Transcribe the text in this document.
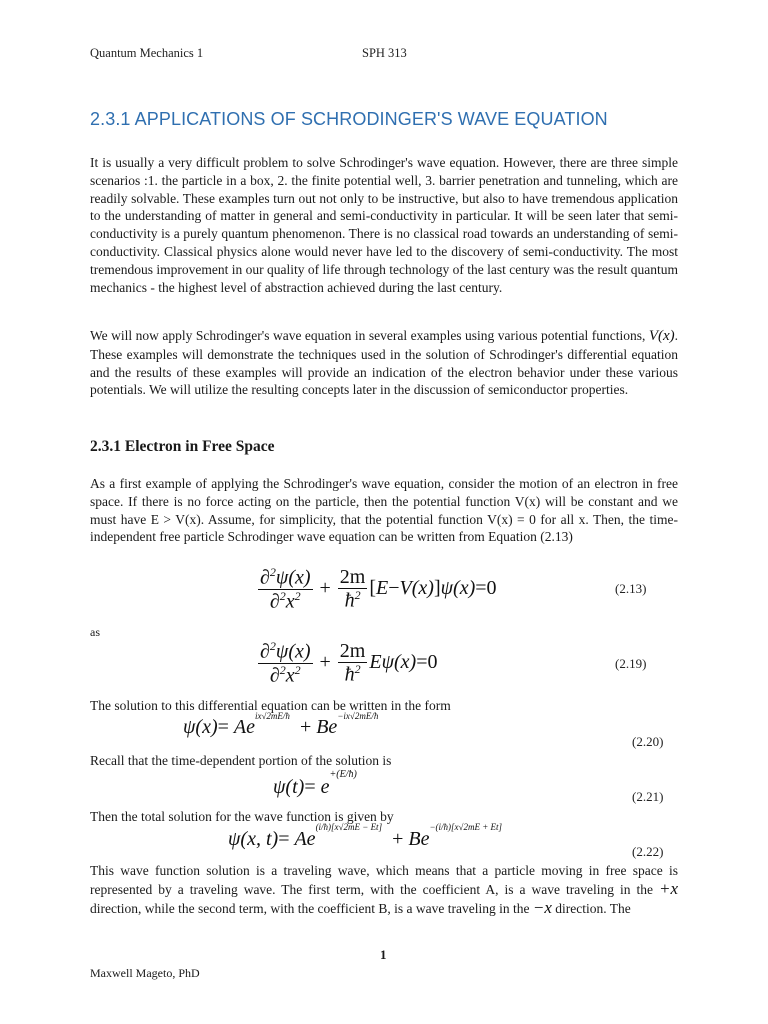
Quantum Mechanics 1	SPH 313
2.3.1 APPLICATIONS OF SCHRODINGER'S WAVE EQUATION
It is usually a very difficult problem to solve Schrodinger's wave equation. However, there are three simple scenarios :1. the particle in a box, 2. the finite potential well, 3. barrier penetration and tunneling, which are readily solvable. These examples turn out not only to be instructive, but also to have tremendous application to the understanding of matter in general and semi-conductivity in particular. It will be seen later that semi-conductivity is a purely quantum phenomenon. There is no classical road towards an understanding of semi-conductivity. Classical physics alone would never have led to the discovery of semi-conductivity. The most tremendous improvement in our quality of life through technology of the last century was the result quantum mechanics - the highest level of abstraction achieved during the last century.
We will now apply Schrodinger's wave equation in several examples using various potential functions, V(x). These examples will demonstrate the techniques used in the solution of Schrodinger's differential equation and the results of these examples will provide an indication of the electron behavior under these various potentials. We will utilize the resulting concepts later in the discussion of semiconductor properties.
2.3.1 Electron in Free Space
As a first example of applying the Schrodinger's wave equation, consider the motion of an electron in free space. If there is no force acting on the particle, then the potential function V(x) will be constant and we must have E > V(x). Assume, for simplicity, that the potential function V(x) = 0 for all x. Then, the time-independent free particle Schrodinger wave equation can be written from Equation (2.13)
$\frac{\partial^2\psi(x)}{\partial^2x^2} + \frac{2m}{ħ^2} [E-V(x)]\psi(x)=0$	(2.13)
as
$\frac{\partial^2\psi(x)}{\partial^2x^2} + \frac{2m}{ħ^2} E\psi(x)=0$	(2.19)
The solution to this differential equation can be written in the form
$\psi(x)= Ae^{ix√2mE/ħ} + Be^{-ix√2mE/ħ}$
(2.20)
Recall that the time-dependent portion of the solution is
$\psi(t)= e^{+(E/ħ)}$
(2.21)
Then the total solution for the wave function is given by
ψ(x, $t)= Ae^{(i/ħ)[x√2mE - Et]} + Be^{-(i/ħ)[x√2mE + Et]}$
(2.22)
This wave function solution is a traveling wave, which means that a particle moving in free space is represented by a traveling wave. The first term, with the coefficient A, is a wave traveling in the +x direction, while the second term, with the coefficient B, is a wave traveling in the −x direction. The
1
Maxwell Mageto, PhD
